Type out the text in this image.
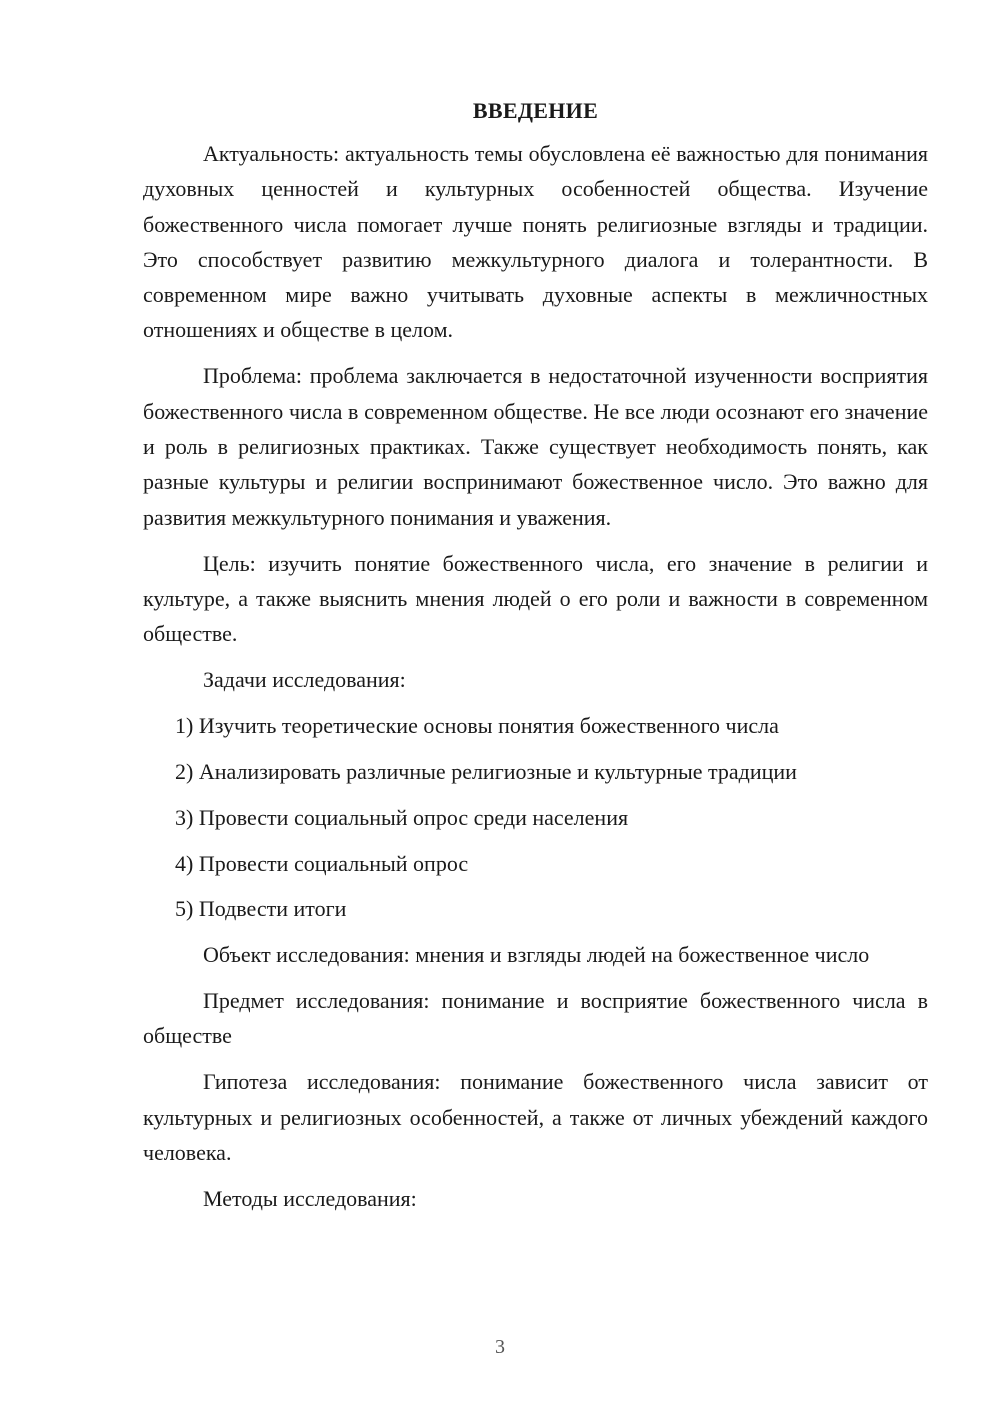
ВВЕДЕНИЕ

Актуальность: актуальность темы обусловлена её важностью для понимания духовных ценностей и культурных особенностей общества. Изучение божественного числа помогает лучше понять религиозные взгляды и традиции. Это способствует развитию межкультурного диалога и толерантности. В современном мире важно учитывать духовные аспекты в межличностных отношениях и обществе в целом.

Проблема: проблема заключается в недостаточной изученности восприятия божественного числа в современном обществе. Не все люди осознают его значение и роль в религиозных практиках. Также существует необходимость понять, как разные культуры и религии воспринимают божественное число. Это важно для развития межкультурного понимания и уважения.

Цель: изучить понятие божественного числа, его значение в религии и культуре, а также выяснить мнения людей о его роли и важности в современном обществе.

Задачи исследования:

1) Изучить теоретические основы понятия божественного числа
2) Анализировать различные религиозные и культурные традиции
3) Провести социальный опрос среди населения
4) Провести социальный опрос
5) Подвести итоги

Объект исследования: мнения и взгляды людей на божественное число

Предмет исследования: понимание и восприятие божественного числа в обществе

Гипотеза исследования: понимание божественного числа зависит от культурных и религиозных особенностей, а также от личных убеждений каждого человека.

Методы исследования:

3
